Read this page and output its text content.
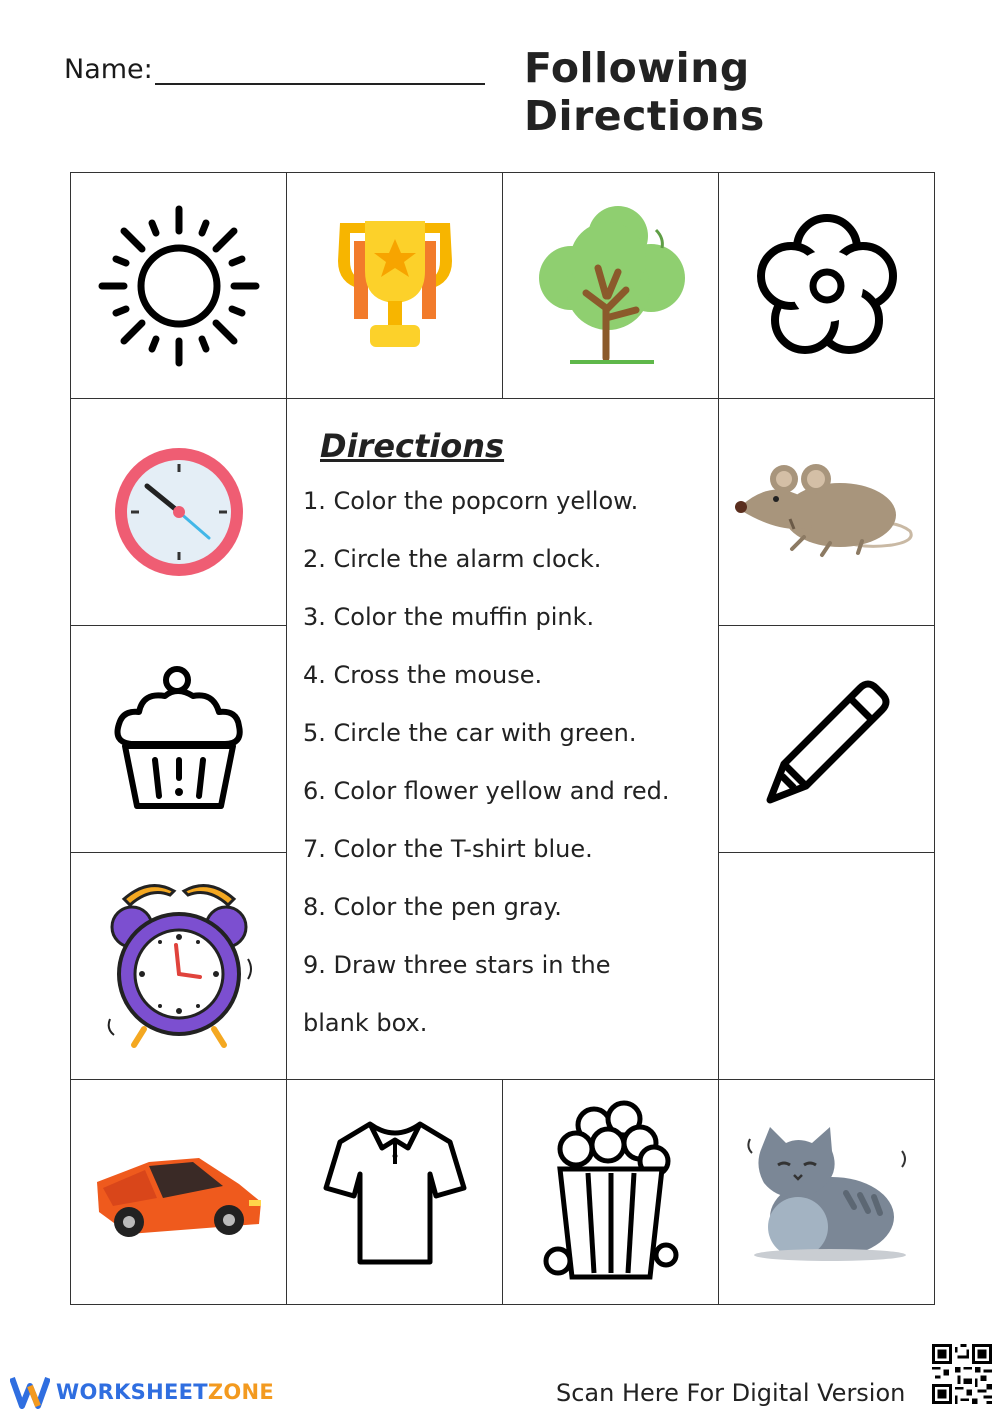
Name:	Following Directions
Directions
1. Color the popcorn yellow.
2. Circle the alarm clock.
3. Color the muffin pink.
4. Cross the mouse.
5. Circle the car with green.
6. Color flower yellow and red.
7. Color the T-shirt blue.
8. Color the pen gray.
9. Draw three stars in the
blank box.
WORKSHEETZONE	Scan Here For Digital Version
